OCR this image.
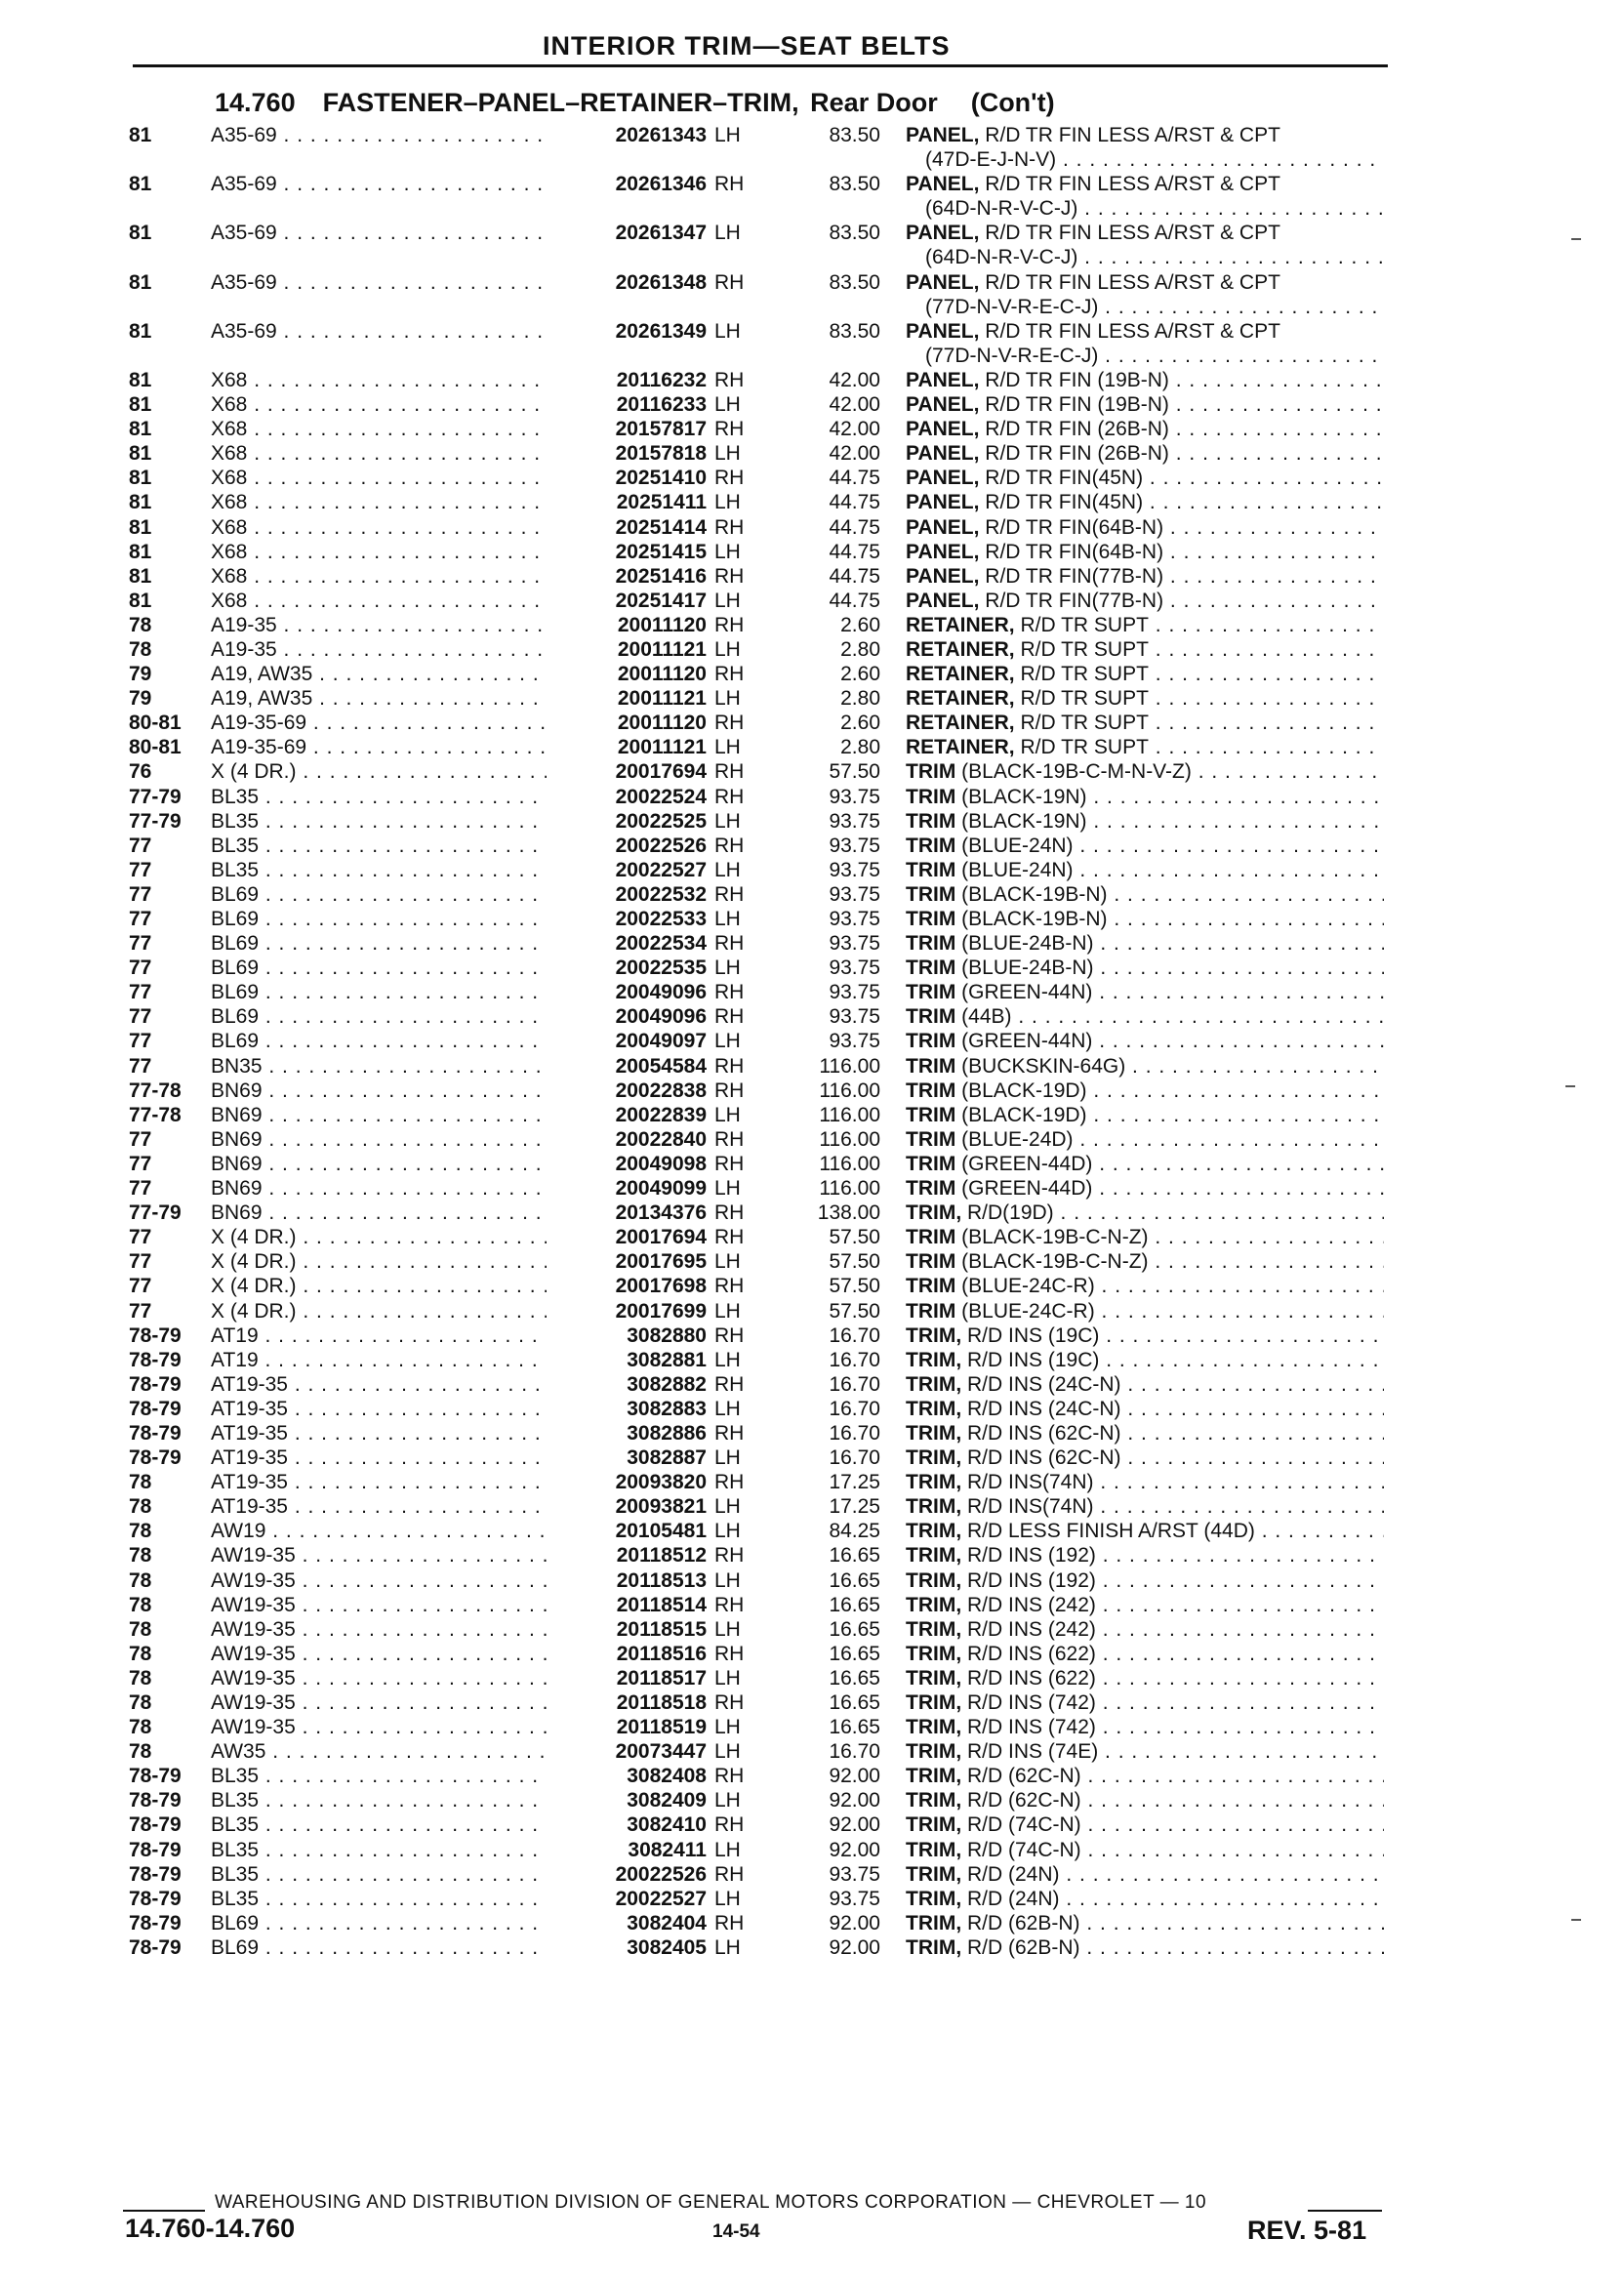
INTERIOR TRIM—SEAT BELTS
14.760 FASTENER–PANEL–RETAINER–TRIM, Rear Door (Con't)
81	A35-69 . . .	20261343 LH	83.50 PANEL, R/D TR FIN LESS A/RST & CPT
(47D-E-J-N-V) . . .
81	A35-69 . . .	20261346 RH	83.50 PANEL, R/D TR FIN LESS A/RST & CPT
(64D-N-R-V-C-J) . . .
81	A35-69 . . .	20261347 LH	83.50 PANEL, R/D TR FIN LESS A/RST & CPT
(64D-N-R-V-C-J) . . .
81	A35-69 . . .	20261348 RH	83.50 PANEL, R/D TR FIN LESS A/RST & CPT
(77D-N-V-R-E-C-J) . . .
81	A35-69 . . .	20261349 LH	83.50 PANEL, R/D TR FIN LESS A/RST & CPT
(77D-N-V-R-E-C-J) . . .
81	X68 . . .	20116232 RH	42.00 PANEL, R/D TR FIN (19B-N) . . .
81	X68 . . .	20116233 LH	42.00 PANEL, R/D TR FIN (19B-N) . . .
81	X68 . . .	20157817 RH	42.00 PANEL, R/D TR FIN (26B-N) . . .
81	X68 . . .	20157818 LH	42.00 PANEL, R/D TR FIN (26B-N) . . .
81	X68 . . .	20251410 RH	44.75 PANEL, R/D TR FIN(45N) . . .
81	X68 . . .	20251411 LH	44.75 PANEL, R/D TR FIN(45N) . . .
81	X68 . . .	20251414 RH	44.75 PANEL, R/D TR FIN(64B-N) . . .
81	X68 . . .	20251415 LH	44.75 PANEL, R/D TR FIN(64B-N) . . .
81	X68 . . .	20251416 RH	44.75 PANEL, R/D TR FIN(77B-N) . . .
81	X68 . . .	20251417 LH	44.75 PANEL, R/D TR FIN(77B-N) . . .
78	A19-35 . . .	20011120 RH	2.60 RETAINER, R/D TR SUPT . . .
78	A19-35 . . .	20011121 LH	2.80 RETAINER, R/D TR SUPT . . .
79	A19, AW35 . . .	20011120 RH	2.60 RETAINER, R/D TR SUPT . . .
79	A19, AW35 . . .	20011121 LH	2.80 RETAINER, R/D TR SUPT . . .
80-81 A19-35-69 . . .	20011120 RH	2.60 RETAINER, R/D TR SUPT . . .
80-81 A19-35-69 . . .	20011121 LH	2.80 RETAINER, R/D TR SUPT . . .
76	X (4 DR.) . . .	20017694 RH	57.50 TRIM (BLACK-19B-C-M-N-V-Z) . . .
77-79 BL35 . . .	20022524 RH	93.75 TRIM (BLACK-19N) . . .
77-79 BL35 . . .	20022525 LH	93.75 TRIM (BLACK-19N) . . .
77	BL35 . . .	20022526 RH	93.75 TRIM (BLUE-24N) . . .
77	BL35 . . .	20022527 LH	93.75 TRIM (BLUE-24N) . . .
77	BL69 . . .	20022532 RH	93.75 TRIM (BLACK-19B-N) . . .
77	BL69 . . .	20022533 LH	93.75 TRIM (BLACK-19B-N) . . .
77	BL69 . . .	20022534 RH	93.75 TRIM (BLUE-24B-N) . . .
77	BL69 . . .	20022535 LH	93.75 TRIM (BLUE-24B-N) . . .
77	BL69 . . .	20049096 RH	93.75 TRIM (GREEN-44N) . . .
77	BL69 . . .	20049096 RH	93.75 TRIM (44B) . . .
77	BL69 . . .	20049097 LH	93.75 TRIM (GREEN-44N) . . .
77	BN35 . . .	20054584 RH	116.00 TRIM (BUCKSKIN-64G) . . .
77-78 BN69 . . .	20022838 RH	116.00 TRIM (BLACK-19D) . . .
77-78 BN69 . . .	20022839 LH	116.00 TRIM (BLACK-19D) . . .
77	BN69 . . .	20022840 RH	116.00 TRIM (BLUE-24D) . . .
77	BN69 . . .	20049098 RH	116.00 TRIM (GREEN-44D) . . .
77	BN69 . . .	20049099 LH	116.00 TRIM (GREEN-44D) . . .
77-79 BN69 . . .	20134376 RH	138.00 TRIM, R/D(19D) . . .
77	X (4 DR.) . . .	20017694 RH	57.50 TRIM (BLACK-19B-C-N-Z) . . .
77	X (4 DR.) . . .	20017695 LH	57.50 TRIM (BLACK-19B-C-N-Z) . . .
77	X (4 DR.) . . .	20017698 RH	57.50 TRIM (BLUE-24C-R) . . .
77	X (4 DR.) . . .	20017699 LH	57.50 TRIM (BLUE-24C-R) . . .
78-79 AT19 . . .	3082880 RH	16.70 TRIM, R/D INS (19C) . . .
78-79 AT19 . . .	3082881 LH	16.70 TRIM, R/D INS (19C) . . .
78-79 AT19-35 . . .	3082882 RH	16.70 TRIM, R/D INS (24C-N) . . .
78-79 AT19-35 . . .	3082883 LH	16.70 TRIM, R/D INS (24C-N) . . .
78-79 AT19-35 . . .	3082886 RH	16.70 TRIM, R/D INS (62C-N) . . .
78-79 AT19-35 . . .	3082887 LH	16.70 TRIM, R/D INS (62C-N) . . .
78	AT19-35 . . .	20093820 RH	17.25 TRIM, R/D INS(74N) . . .
78	AT19-35 . . .	20093821 LH	17.25 TRIM, R/D INS(74N) . . .
78	AW19 . . .	20105481 LH	84.25 TRIM, R/D LESS FINISH A/RST (44D) . . .
78	AW19-35 . . .	20118512 RH	16.65 TRIM, R/D INS (192) . . .
78	AW19-35 . . .	20118513 LH	16.65 TRIM, R/D INS (192) . . .
78	AW19-35 . . .	20118514 RH	16.65 TRIM, R/D INS (242) . . .
78	AW19-35 . . .	20118515 LH	16.65 TRIM, R/D INS (242) . . .
78	AW19-35 . . .	20118516 RH	16.65 TRIM, R/D INS (622) . . .
78	AW19-35 . . .	20118517 LH	16.65 TRIM, R/D INS (622) . . .
78	AW19-35 . . .	20118518 RH	16.65 TRIM, R/D INS (742) . . .
78	AW19-35 . . .	20118519 LH	16.65 TRIM, R/D INS (742) . . .
78	AW35 . . .	20073447 LH	16.70 TRIM, R/D INS (74E) . . .
78-79 BL35 . . .	3082408 RH	92.00 TRIM, R/D (62C-N) . . .
78-79 BL35 . . .	3082409 LH	92.00 TRIM, R/D (62C-N) . . .
78-79 BL35 . . .	3082410 RH	92.00 TRIM, R/D (74C-N) . . .
78-79 BL35 . . .	3082411 LH	92.00 TRIM, R/D (74C-N) . . .
78-79 BL35 . . .	20022526 RH	93.75 TRIM, R/D (24N) . . .
78-79 BL35 . . .	20022527 LH	93.75 TRIM, R/D (24N) . . .
78-79 BL69 . . .	3082404 RH	92.00 TRIM, R/D (62B-N) . . .
78-79 BL69 . . .	3082405 LH	92.00 TRIM, R/D (62B-N) . . .
WAREHOUSING AND DISTRIBUTION DIVISION OF GENERAL MOTORS CORPORATION — CHEVROLET — 10
14.760-14.760	14-54	REV. 5-81
